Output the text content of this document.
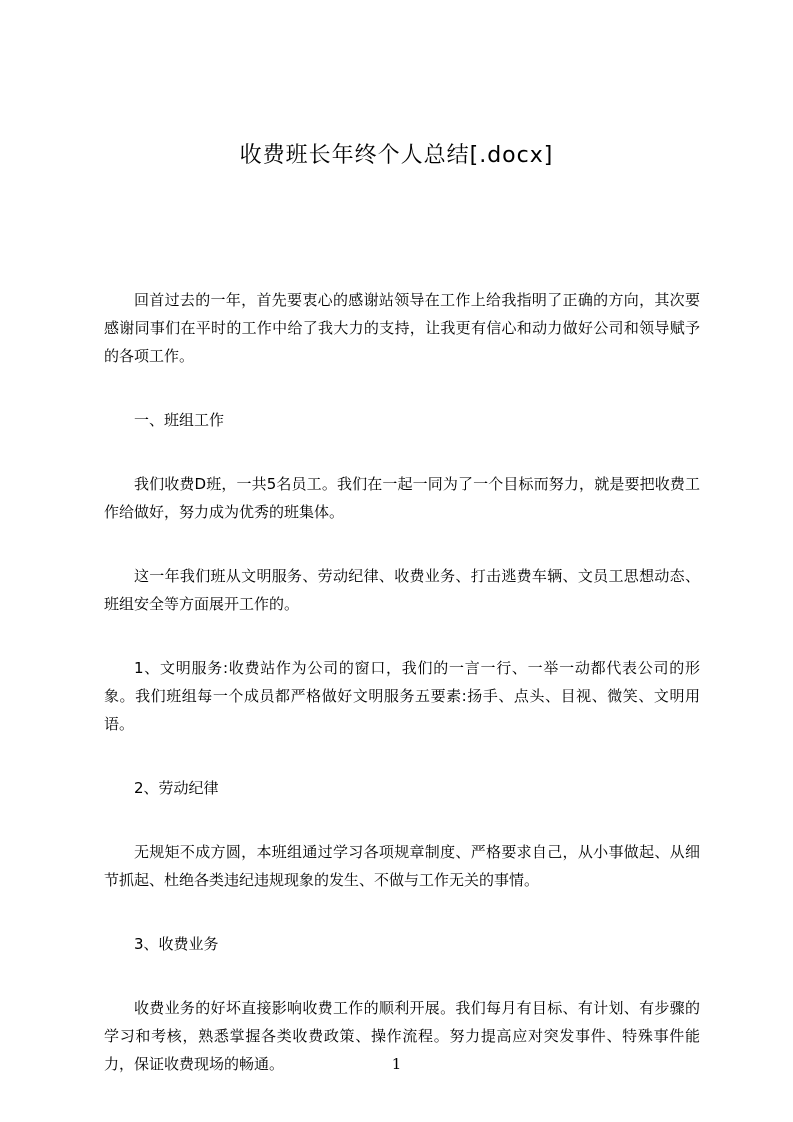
收费班长年终个人总结[.docx]

回首过去的一年，首先要衷心的感谢站领导在工作上给我指明了正确的方向，其次要感谢同事们在平时的工作中给了我大力的支持，让我更有信心和动力做好公司和领导赋予的各项工作。

一、班组工作

我们收费D班，一共5名员工。我们在一起一同为了一个目标而努力，就是要把收费工作给做好，努力成为优秀的班集体。

这一年我们班从文明服务、劳动纪律、收费业务、打击逃费车辆、文员工思想动态、班组安全等方面展开工作的。

1、文明服务:收费站作为公司的窗口，我们的一言一行、一举一动都代表公司的形象。我们班组每一个成员都严格做好文明服务五要素:扬手、点头、目视、微笑、文明用语。

2、劳动纪律

无规矩不成方圆，本班组通过学习各项规章制度、严格要求自己，从小事做起、从细节抓起、杜绝各类违纪违规现象的发生、不做与工作无关的事情。

3、收费业务

收费业务的好坏直接影响收费工作的顺利开展。我们每月有目标、有计划、有步骤的学习和考核，熟悉掌握各类收费政策、操作流程。努力提高应对突发事件、特殊事件能力，保证收费现场的畅通。	1
